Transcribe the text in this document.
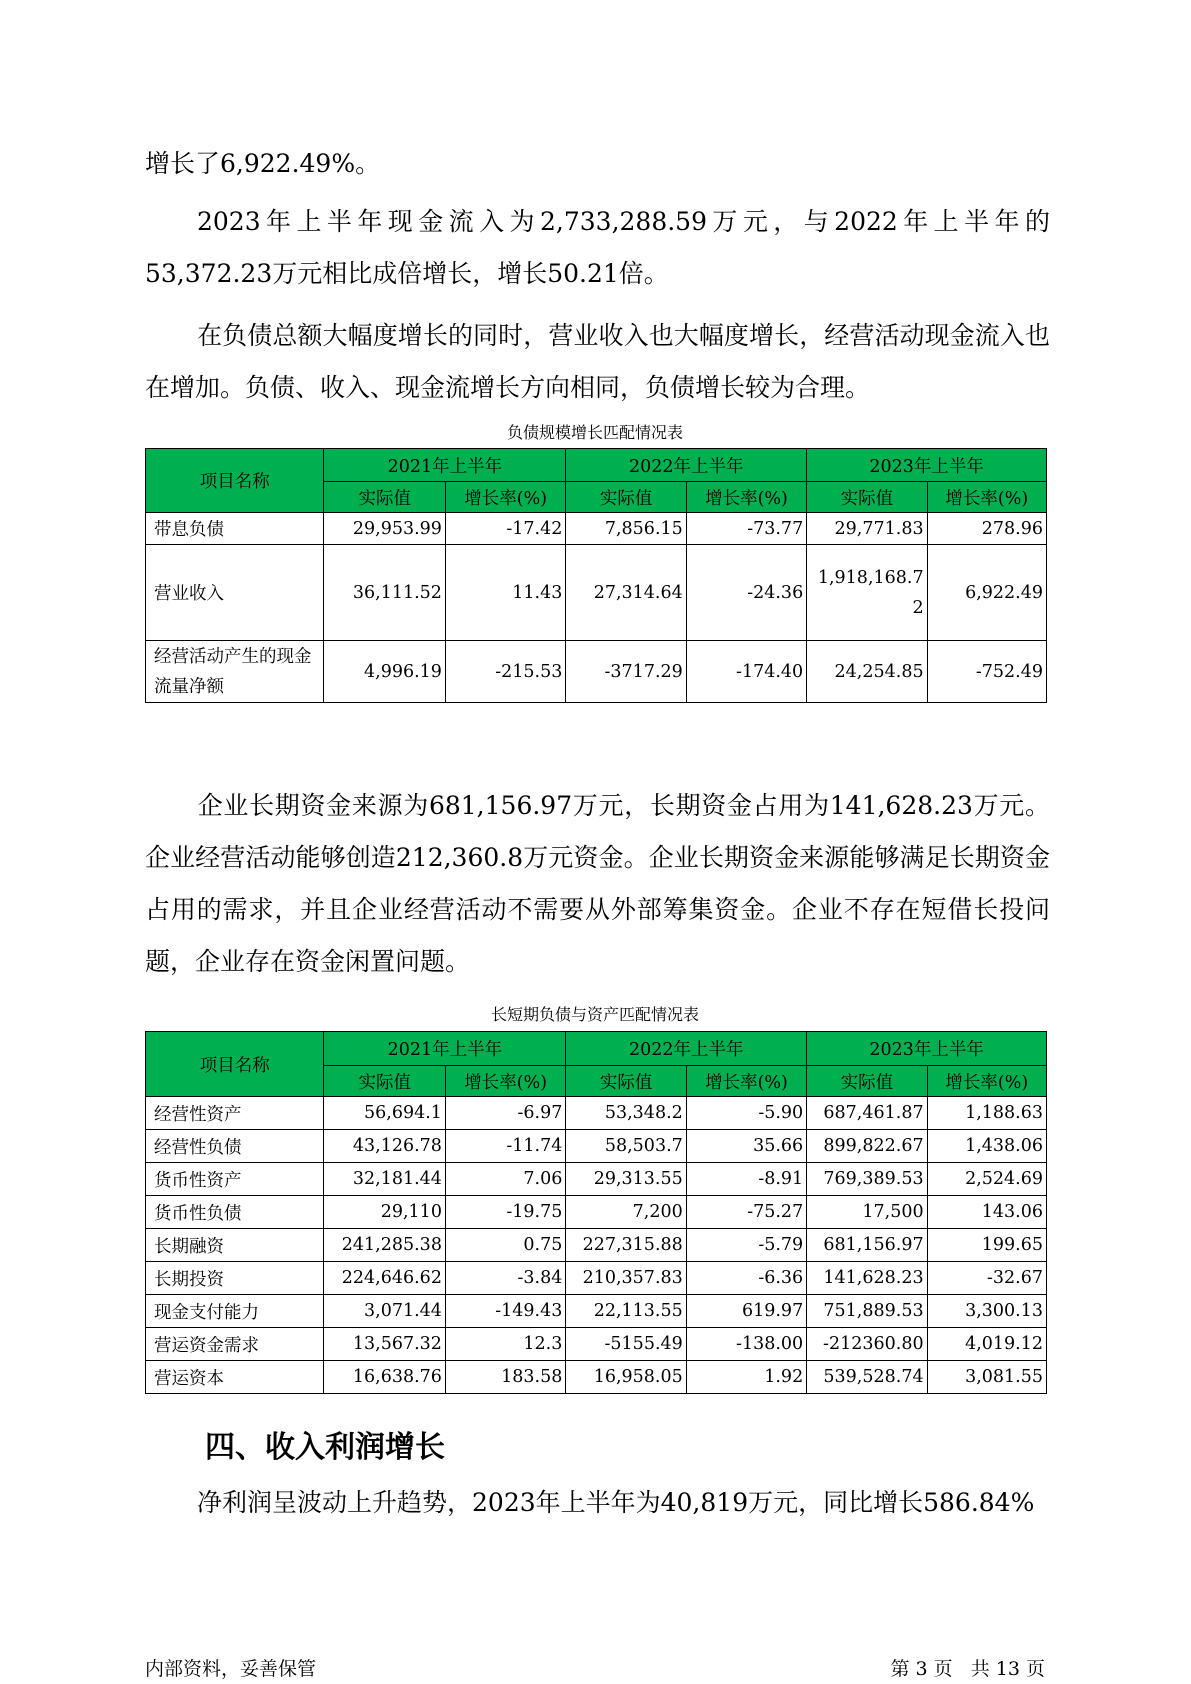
增长了6,922.49%。

2023年上半年现金流入为2,733,288.59万元，与2022年上半年的53,372.23万元相比成倍增长，增长50.21倍。

在负债总额大幅度增长的同时，营业收入也大幅度增长，经营活动现金流入也在增加。负债、收入、现金流增长方向相同，负债增长较为合理。

负债规模增长匹配情况表
项目名称	2021年上半年		2022年上半年		2023年上半年	
	实际值	增长率(%)	实际值	增长率(%)	实际值	增长率(%)
带息负债	29,953.99	-17.42	7,856.15	-73.77	29,771.83	278.96
营业收入	36,111.52	11.43	27,314.64	-24.36	1,918,168.72	6,922.49
经营活动产生的现金流量净额	4,996.19	-215.53	-3717.29	-174.40	24,254.85	-752.49

企业长期资金来源为681,156.97万元，长期资金占用为141,628.23万元。企业经营活动能够创造212,360.8万元资金。企业长期资金来源能够满足长期资金占用的需求，并且企业经营活动不需要从外部筹集资金。企业不存在短借长投问题，企业存在资金闲置问题。

长短期负债与资产匹配情况表
项目名称	2021年上半年		2022年上半年		2023年上半年	
	实际值	增长率(%)	实际值	增长率(%)	实际值	增长率(%)
经营性资产	56,694.1	-6.97	53,348.2	-5.90	687,461.87	1,188.63
经营性负债	43,126.78	-11.74	58,503.7	35.66	899,822.67	1,438.06
货币性资产	32,181.44	7.06	29,313.55	-8.91	769,389.53	2,524.69
货币性负债	29,110	-19.75	7,200	-75.27	17,500	143.06
长期融资	241,285.38	0.75	227,315.88	-5.79	681,156.97	199.65
长期投资	224,646.62	-3.84	210,357.83	-6.36	141,628.23	-32.67
现金支付能力	3,071.44	-149.43	22,113.55	619.97	751,889.53	3,300.13
营运资金需求	13,567.32	12.3	-5155.49	-138.00	-212360.80	4,019.12
营运资本	16,638.76	183.58	16,958.05	1.92	539,528.74	3,081.55
四、收入利润增长

净利润呈波动上升趋势，2023年上半年为40,819万元，同比增长586.84%

内部资料，妥善保管	第 3 页   共 13 页
